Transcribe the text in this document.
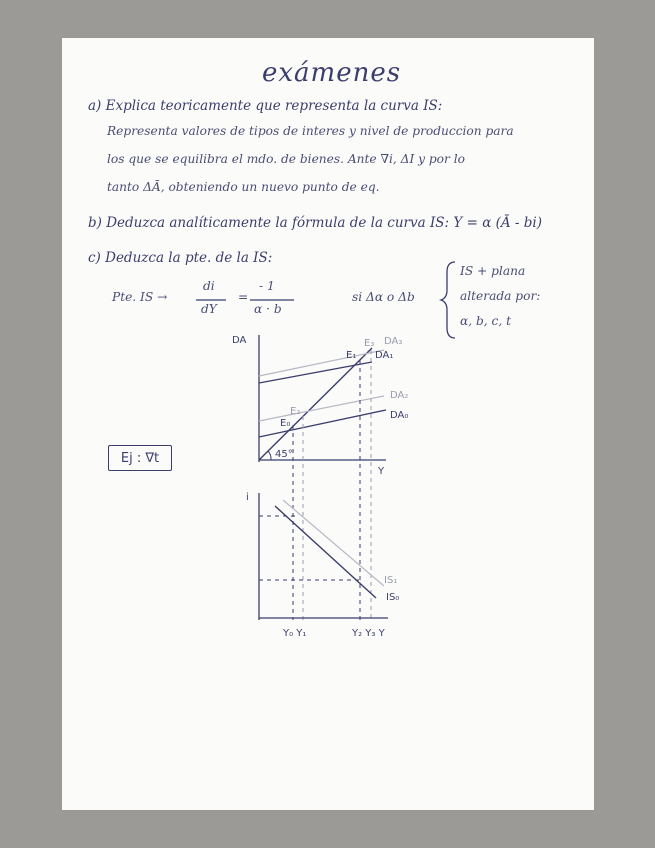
exámenes
a) Explica teoricamente que representa la curva IS:
Representa valores de tipos de interes y nivel de produccion para
los que se equilibra el mdo. de bienes. Ante ∇i, ΔI y por lo
tanto ΔĀ, obteniendo un nuevo punto de eq.
b) Deduzca analíticamente la fórmula de la curva IS: Y = α (Ā - bi)
c) Deduzca la pte. de la IS:
Pte. IS →
di
dY
=
- 1
α · b
si Δα o Δb
IS + plana
alterada por:
α, b, c, t
Ej : ∇t
DA
Y
45°
DA₁
DA₀
DA₂
DA₃
E₀
E₁
E₂
E₃
i
IS₁
IS₀
Y₀ Y₁	Y₂ Y₃ Y
